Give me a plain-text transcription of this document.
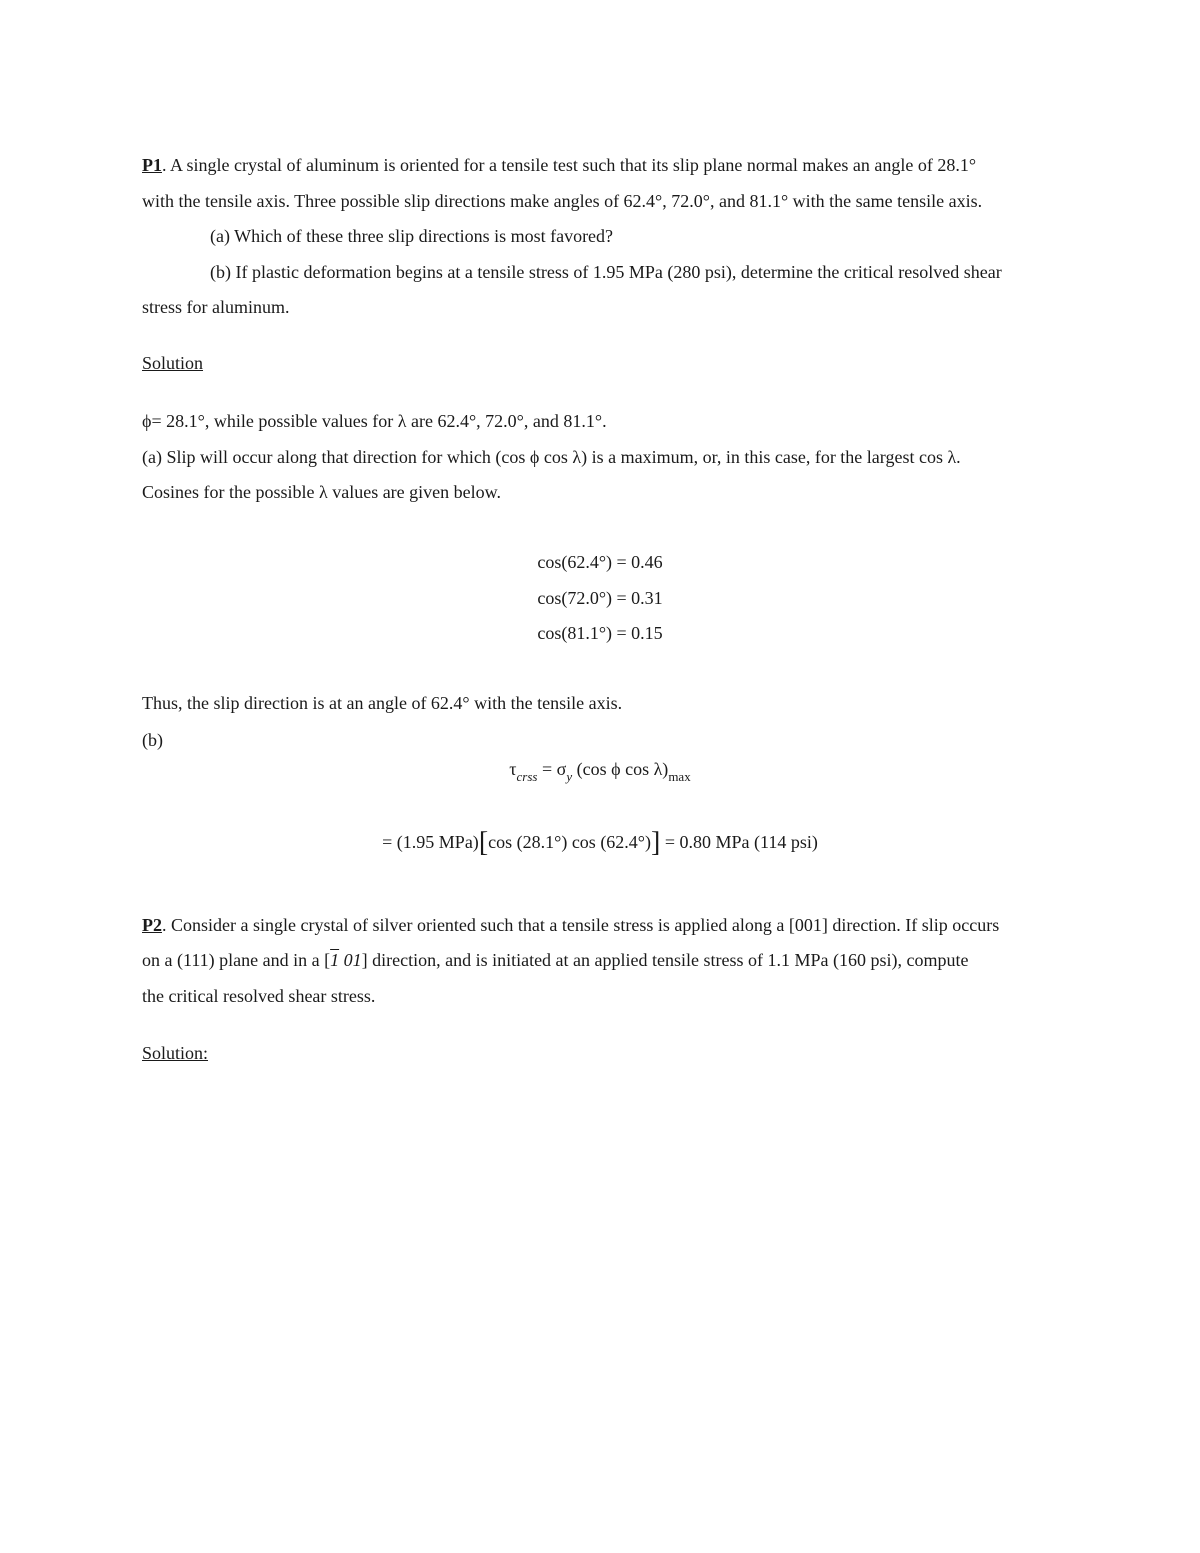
P1. A single crystal of aluminum is oriented for a tensile test such that its slip plane normal makes an angle of 28.1°
with the tensile axis. Three possible slip directions make angles of 62.4°, 72.0°, and 81.1° with the same tensile axis.
(a) Which of these three slip directions is most favored?
(b) If plastic deformation begins at a tensile stress of 1.95 MPa (280 psi), determine the critical resolved shear
stress for aluminum.
Solution
ϕ= 28.1°, while possible values for λ are 62.4°, 72.0°, and 81.1°.
(a) Slip will occur along that direction for which (cos ϕ cos λ) is a maximum, or, in this case, for the largest cos λ.
Cosines for the possible λ values are given below.
cos(62.4°) = 0.46
cos(72.0°) = 0.31
cos(81.1°) = 0.15
Thus, the slip direction is at an angle of 62.4° with the tensile axis.
(b)
$\tau_{crss} = \sigma_y$ (cos ϕ $\cos \lambda)_{max}$
= (1.95 MPa)[cos (28.1°) cos (62.4°)] = 0.80 MPa (114 psi)
P2. Consider a single crystal of silver oriented such that a tensile stress is applied along a [001] direction. If slip occurs
on a (111) plane and in a [1 01] direction, and is initiated at an applied tensile stress of 1.1 MPa (160 psi), compute
the critical resolved shear stress.
Solution:
